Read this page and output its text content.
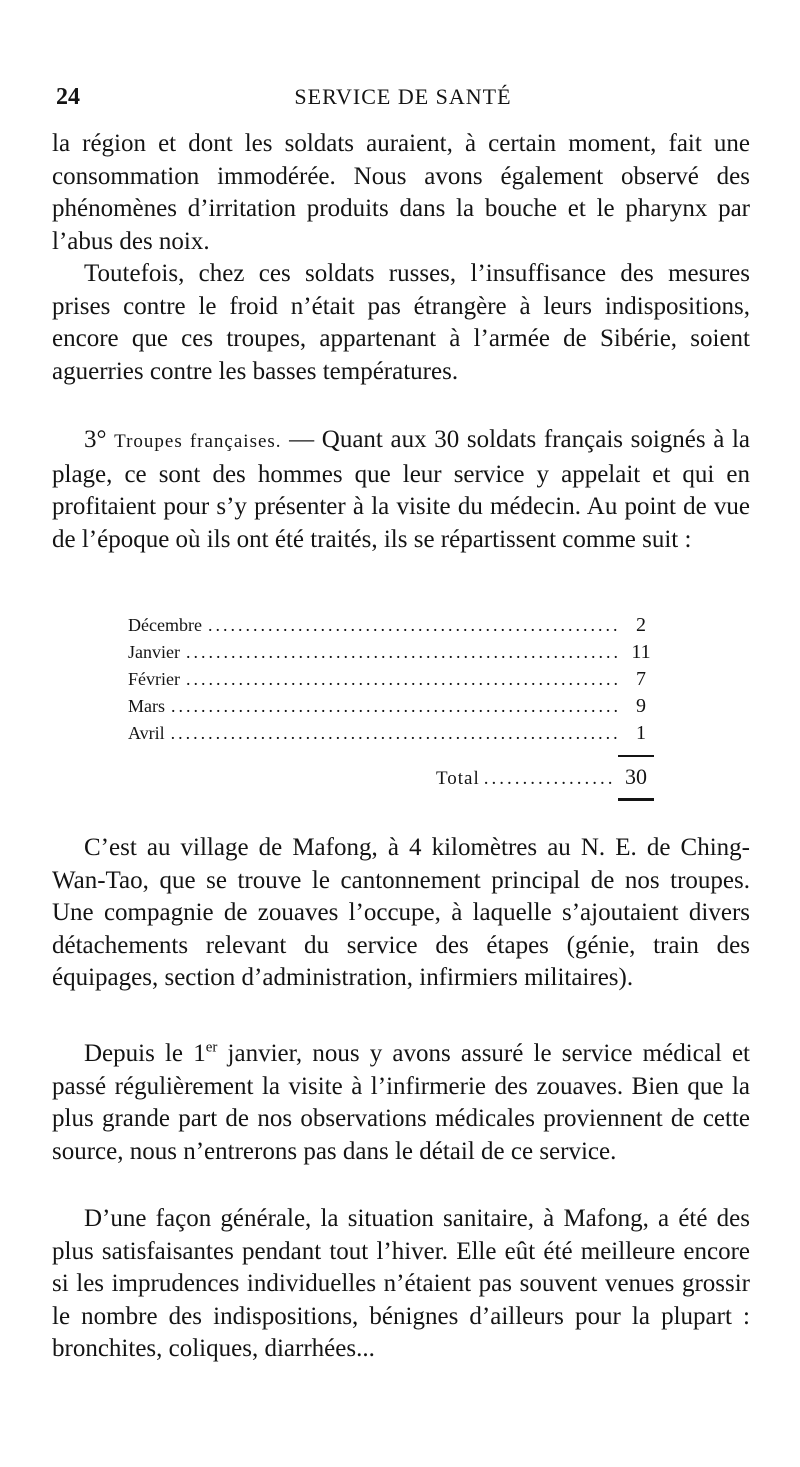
24	SERVICE DE SANTÉ

la région et dont les soldats auraient, à certain moment, fait une consommation immodérée. Nous avons également observé des phénomènes d’irritation produits dans la bouche et le pharynx par l’abus des noix.

Toutefois, chez ces soldats russes, l’insuffisance des mesures prises contre le froid n’était pas étrangère à leurs indispositions, encore que ces troupes, appartenant à l’armée de Sibérie, soient aguerries contre les basses températures.

3° Troupes françaises. — Quant aux 30 soldats français soignés à la plage, ce sont des hommes que leur service y appelait et qui en profitaient pour s’y présenter à la visite du médecin. Au point de vue de l’époque où ils ont été traités, ils se répartissent comme suit :

Décembre .....	2
Janvier .....	11
Février .....	7
Mars .....	9
Avril .....	1
Total .....	30

C’est au village de Mafong, à 4 kilomètres au N. E. de Ching-Wan-Tao, que se trouve le cantonnement principal de nos troupes. Une compagnie de zouaves l’occupe, à laquelle s’ajoutaient divers détachements relevant du service des étapes (génie, train des équipages, section d’administration, infirmiers militaires).

Depuis le 1er janvier, nous y avons assuré le service médical et passé régulièrement la visite à l’infirmerie des zouaves. Bien que la plus grande part de nos observations médicales proviennent de cette source, nous n’entrerons pas dans le détail de ce service.

D’une façon générale, la situation sanitaire, à Mafong, a été des plus satisfaisantes pendant tout l’hiver. Elle eût été meilleure encore si les imprudences individuelles n’étaient pas souvent venues grossir le nombre des indispositions, bénignes d’ailleurs pour la plupart : bronchites, coliques, diarrhées...
